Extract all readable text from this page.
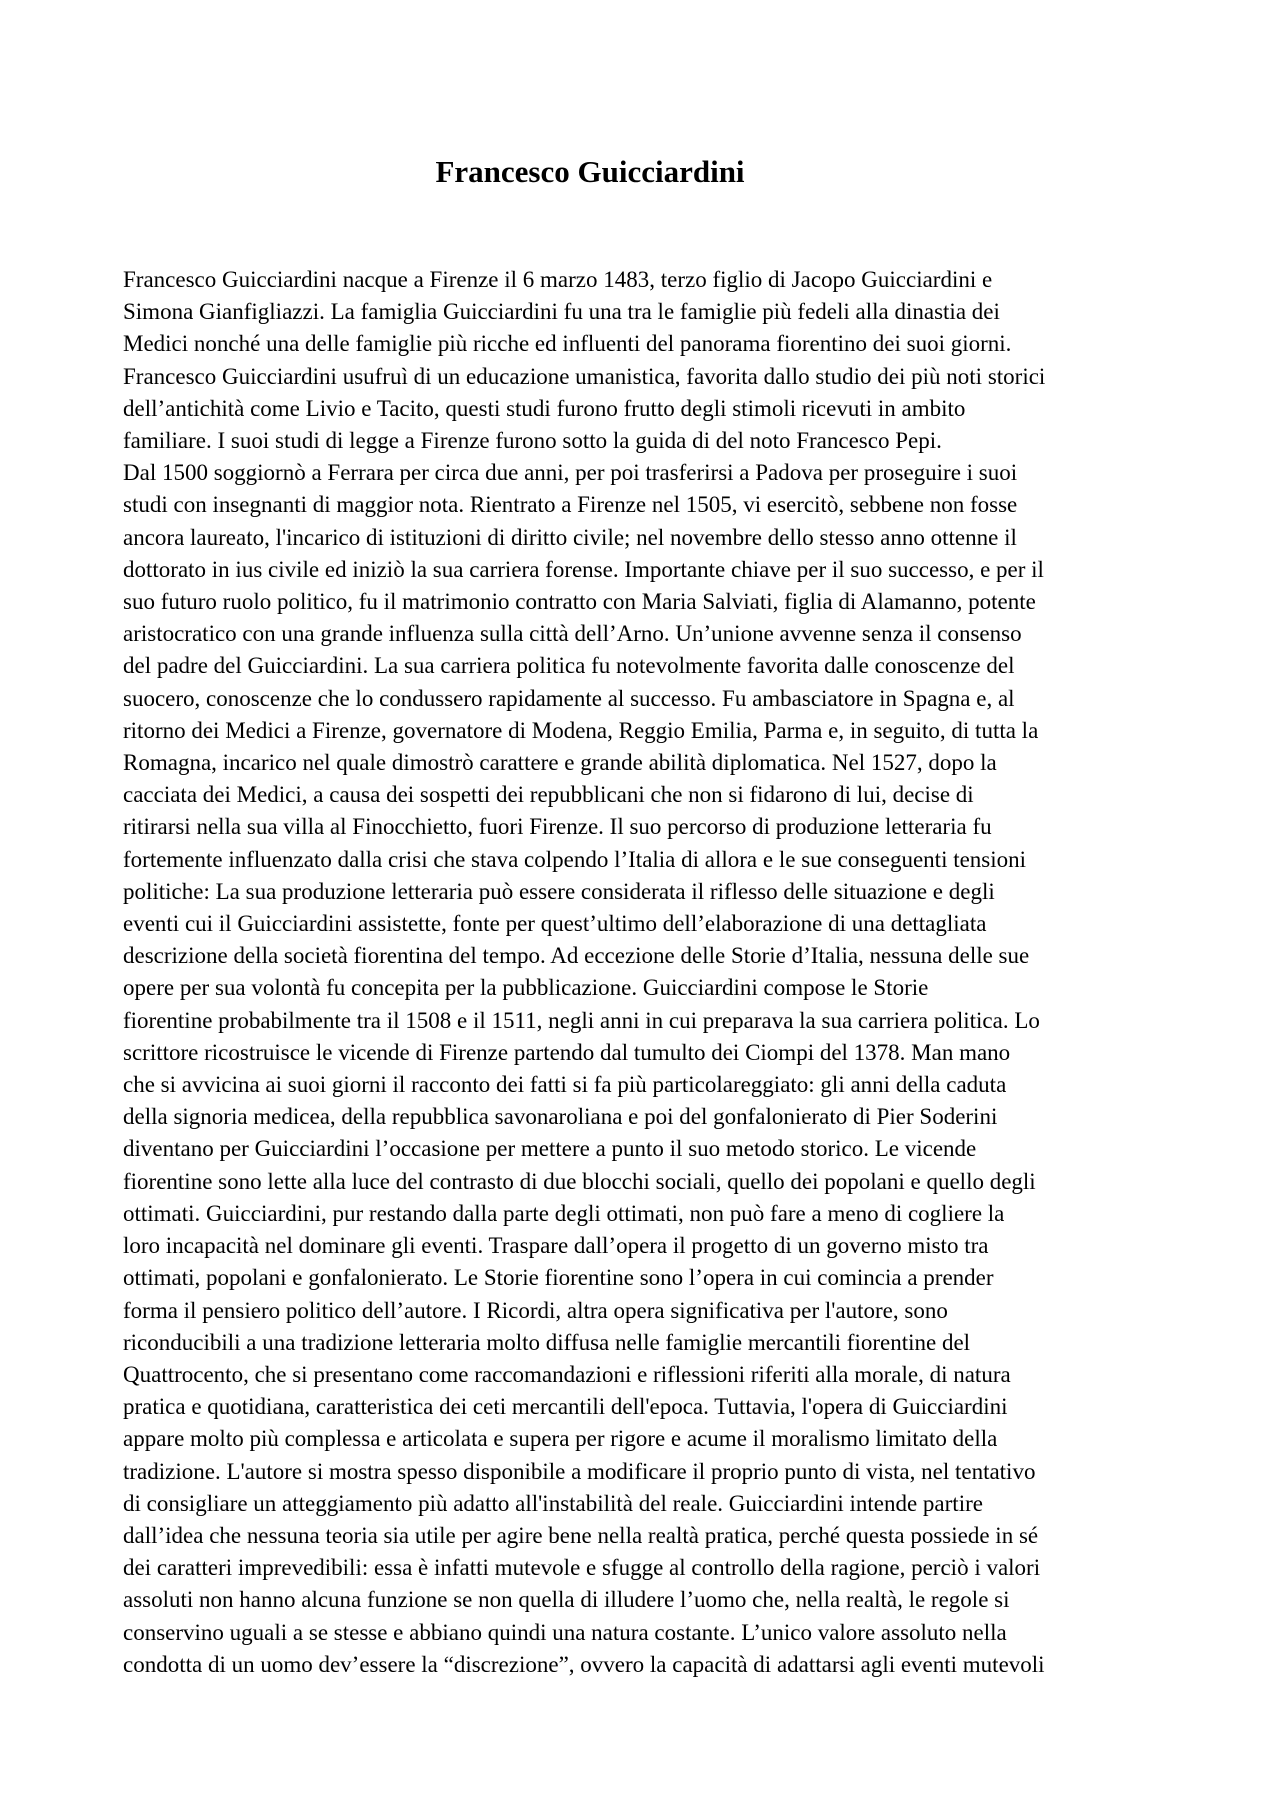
Francesco Guicciardini
Francesco Guicciardini nacque a Firenze il 6 marzo 1483, terzo figlio di Jacopo Guicciardini e
Simona Gianfigliazzi. La famiglia Guicciardini fu una tra le famiglie più fedeli alla dinastia dei
Medici nonché una delle famiglie più ricche ed influenti del panorama fiorentino dei suoi giorni.
Francesco Guicciardini usufruì di un educazione umanistica, favorita dallo studio dei più noti storici
dell’antichità come Livio e Tacito, questi studi furono frutto degli stimoli ricevuti in ambito
familiare. I suoi studi di legge a Firenze furono sotto la guida di del noto Francesco Pepi.
Dal 1500 soggiornò a Ferrara per circa due anni, per poi trasferirsi a Padova per proseguire i suoi
studi con insegnanti di maggior nota. Rientrato a Firenze nel 1505, vi esercitò, sebbene non fosse
ancora laureato, l'incarico di istituzioni di diritto civile; nel novembre dello stesso anno ottenne il
dottorato in ius civile ed iniziò la sua carriera forense. Importante chiave per il suo successo, e per il
suo futuro ruolo politico, fu il matrimonio contratto con Maria Salviati, figlia di Alamanno, potente
aristocratico con una grande influenza sulla città dell’Arno. Un’unione avvenne senza il consenso
del padre del Guicciardini. La sua carriera politica fu notevolmente favorita dalle conoscenze del
suocero, conoscenze che lo condussero rapidamente al successo. Fu ambasciatore in Spagna e, al
ritorno dei Medici a Firenze, governatore di Modena, Reggio Emilia, Parma e, in seguito, di tutta la
Romagna, incarico nel quale dimostrò carattere e grande abilità diplomatica. Nel 1527, dopo la
cacciata dei Medici, a causa dei sospetti dei repubblicani che non si fidarono di lui, decise di
ritirarsi nella sua villa al Finocchietto, fuori Firenze. Il suo percorso di produzione letteraria fu
fortemente influenzato dalla crisi che stava colpendo l’Italia di allora e le sue conseguenti tensioni
politiche: La sua produzione letteraria può essere considerata il riflesso delle situazione e degli
eventi cui il Guicciardini assistette, fonte per quest’ultimo dell’elaborazione di una dettagliata
descrizione della società fiorentina del tempo. Ad eccezione delle Storie d’Italia, nessuna delle sue
opere per sua volontà fu concepita per la pubblicazione. Guicciardini compose le Storie
fiorentine probabilmente tra il 1508 e il 1511, negli anni in cui preparava la sua carriera politica. Lo
scrittore ricostruisce le vicende di Firenze partendo dal tumulto dei Ciompi del 1378. Man mano
che si avvicina ai suoi giorni il racconto dei fatti si fa più particolareggiato: gli anni della caduta
della signoria medicea, della repubblica savonaroliana e poi del gonfalonierato di Pier Soderini
diventano per Guicciardini l’occasione per mettere a punto il suo metodo storico. Le vicende
fiorentine sono lette alla luce del contrasto di due blocchi sociali, quello dei popolani e quello degli
ottimati. Guicciardini, pur restando dalla parte degli ottimati, non può fare a meno di cogliere la
loro incapacità nel dominare gli eventi. Traspare dall’opera il progetto di un governo misto tra
ottimati, popolani e gonfalonierato. Le Storie fiorentine sono l’opera in cui comincia a prender
forma il pensiero politico dell’autore. I Ricordi, altra opera significativa per l'autore, sono
riconducibili a una tradizione letteraria molto diffusa nelle famiglie mercantili fiorentine del
Quattrocento, che si presentano come raccomandazioni e riflessioni riferiti alla morale, di natura
pratica e quotidiana, caratteristica dei ceti mercantili dell'epoca. Tuttavia, l'opera di Guicciardini
appare molto più complessa e articolata e supera per rigore e acume il moralismo limitato della
tradizione. L'autore si mostra spesso disponibile a modificare il proprio punto di vista, nel tentativo
di consigliare un atteggiamento più adatto all'instabilità del reale. Guicciardini intende partire
dall’idea che nessuna teoria sia utile per agire bene nella realtà pratica, perché questa possiede in sé
dei caratteri imprevedibili: essa è infatti mutevole e sfugge al controllo della ragione, perciò i valori
assoluti non hanno alcuna funzione se non quella di illudere l’uomo che, nella realtà, le regole si
conservino uguali a se stesse e abbiano quindi una natura costante. L’unico valore assoluto nella
condotta di un uomo dev’essere la “discrezione”, ovvero la capacità di adattarsi agli eventi mutevoli
